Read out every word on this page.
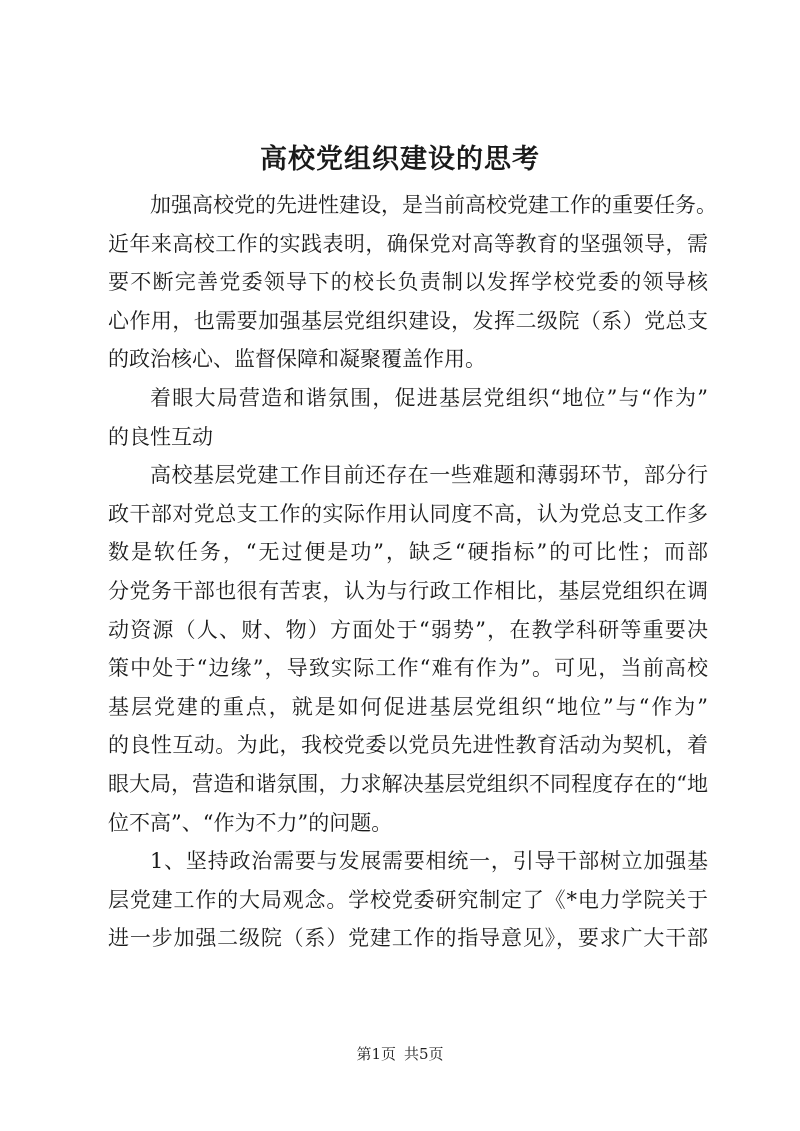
高校党组织建设的思考
加强高校党的先进性建设，是当前高校党建工作的重要任务。
近年来高校工作的实践表明，确保党对高等教育的坚强领导，需
要不断完善党委领导下的校长负责制以发挥学校党委的领导核
心作用，也需要加强基层党组织建设，发挥二级院（系）党总支
的政治核心、监督保障和凝聚覆盖作用。
着眼大局营造和谐氛围，促进基层党组织“地位”与“作为”
的良性互动
高校基层党建工作目前还存在一些难题和薄弱环节，部分行
政干部对党总支工作的实际作用认同度不高，认为党总支工作多
数是软任务，“无过便是功”，缺乏“硬指标”的可比性；而部
分党务干部也很有苦衷，认为与行政工作相比，基层党组织在调
动资源（人、财、物）方面处于“弱势”，在教学科研等重要决
策中处于“边缘”，导致实际工作“难有作为”。可见，当前高校
基层党建的重点，就是如何促进基层党组织“地位”与“作为”
的良性互动。为此，我校党委以党员先进性教育活动为契机，着
眼大局，营造和谐氛围，力求解决基层党组织不同程度存在的“地
位不高”、“作为不力”的问题。
1、坚持政治需要与发展需要相统一，引导干部树立加强基
层党建工作的大局观念。学校党委研究制定了《*电力学院关于
进一步加强二级院（系）党建工作的指导意见》，要求广大干部
第1页 共5页
